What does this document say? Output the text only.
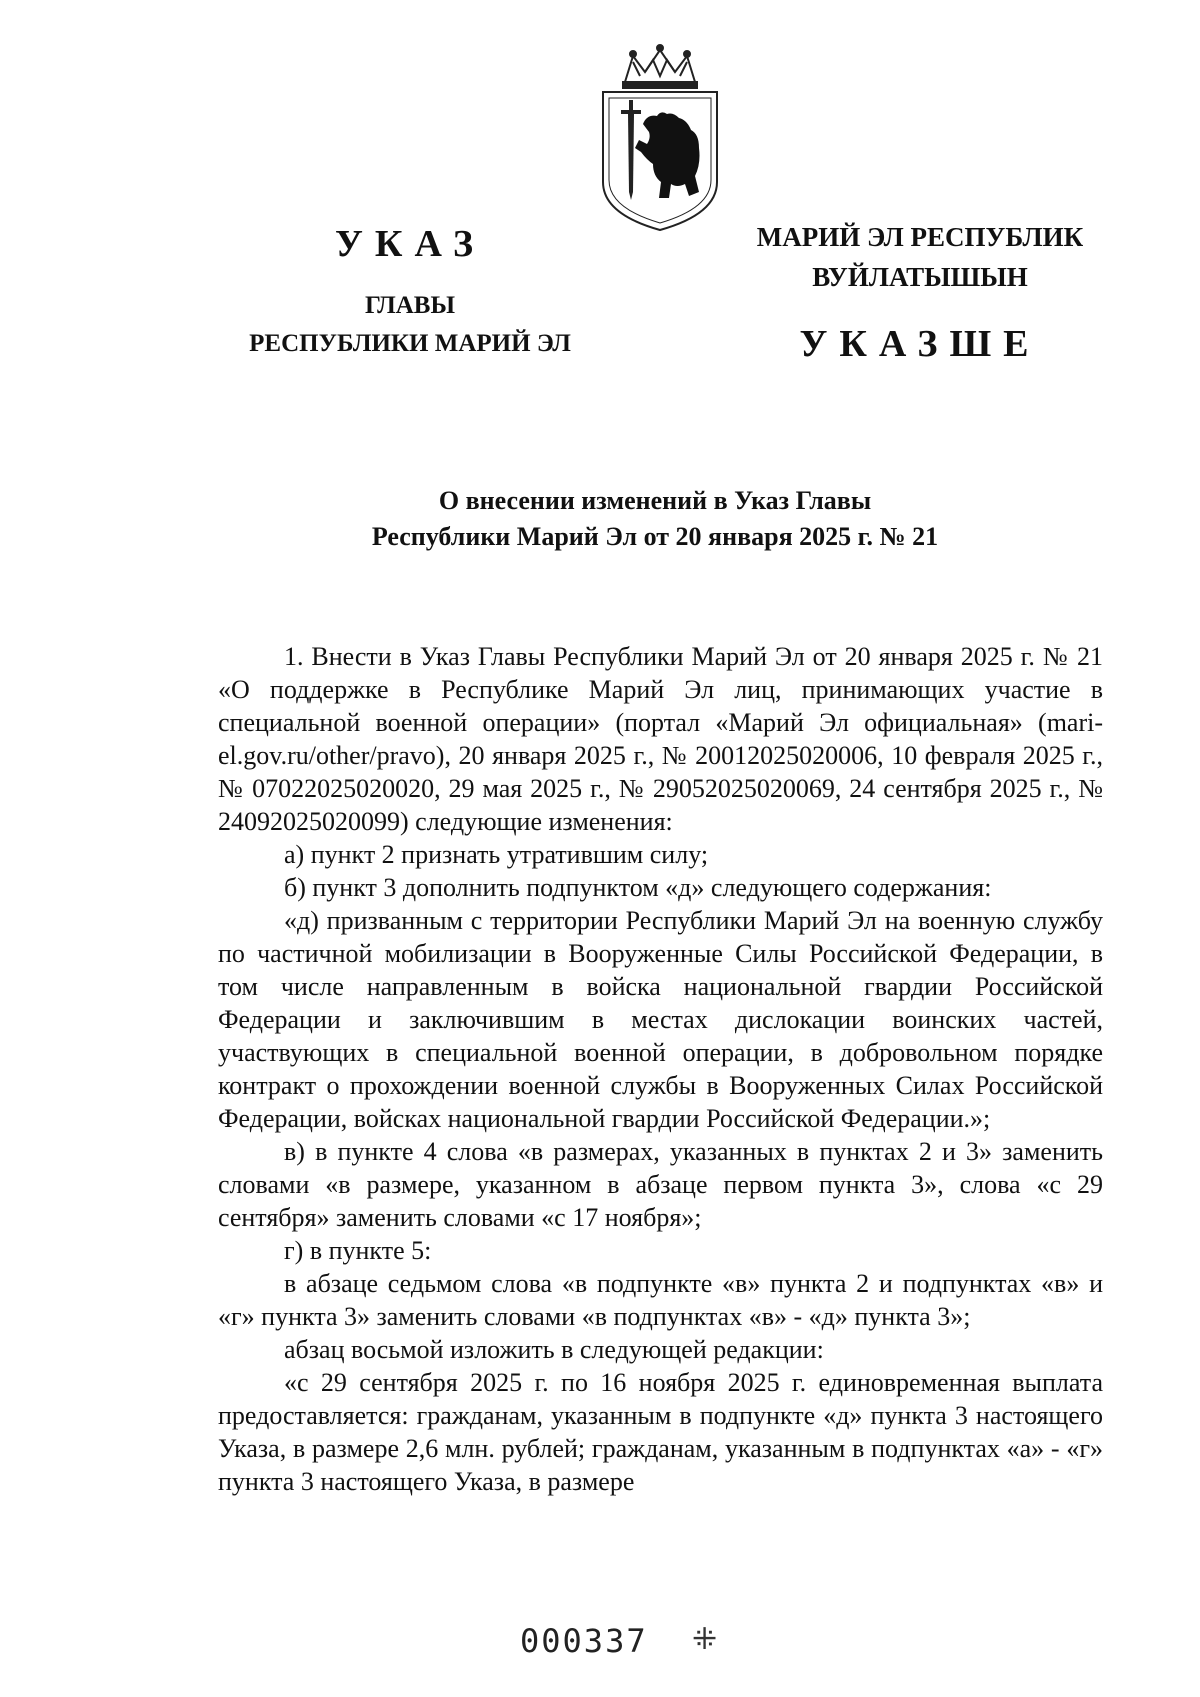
УКАЗ
ГЛАВЫ
РЕСПУБЛИКИ МАРИЙ ЭЛ
МАРИЙ ЭЛ РЕСПУБЛИК
ВУЙЛАТЫШЫН
УКАЗШЕ
О внесении изменений в Указ Главы
Республики Марий Эл от 20 января 2025 г. № 21

1. Внести в Указ Главы Республики Марий Эл от 20 января 2025 г. № 21 «О поддержке в Республике Марий Эл лиц, принимающих участие в специальной военной операции» (портал «Марий Эл официальная» (mari-el.gov.ru/other/pravo), 20 января 2025 г., № 20012025020006, 10 февраля 2025 г., № 07022025020020, 29 мая 2025 г., № 29052025020069, 24 сентября 2025 г., № 24092025020099) следующие изменения:

а) пункт 2 признать утратившим силу;

б) пункт 3 дополнить подпунктом «д» следующего содержания:

«д) призванным с территории Республики Марий Эл на военную службу по частичной мобилизации в Вооруженные Силы Российской Федерации, в том числе направленным в войска национальной гвардии Российской Федерации и заключившим в местах дислокации воинских частей, участвующих в специальной военной операции, в добровольном порядке контракт о прохождении военной службы в Вооруженных Силах Российской Федерации, войсках национальной гвардии Российской Федерации.»;

в) в пункте 4 слова «в размерах, указанных в пунктах 2 и 3» заменить словами «в размере, указанном в абзаце первом пункта 3», слова «с 29 сентября» заменить словами «с 17 ноября»;

г) в пункте 5:

в абзаце седьмом слова «в подпункте «в» пункта 2 и подпунктах «в» и «г» пункта 3» заменить словами «в подпунктах «в» - «д» пункта 3»;

абзац восьмой изложить в следующей редакции:

«с 29 сентября 2025 г. по 16 ноября 2025 г. единовременная выплата предоставляется: гражданам, указанным в подпункте «д» пункта 3 настоящего Указа, в размере 2,6 млн. рублей; гражданам, указанным в подпунктах «а» - «г» пункта 3 настоящего Указа, в размере

000337 ⁜
